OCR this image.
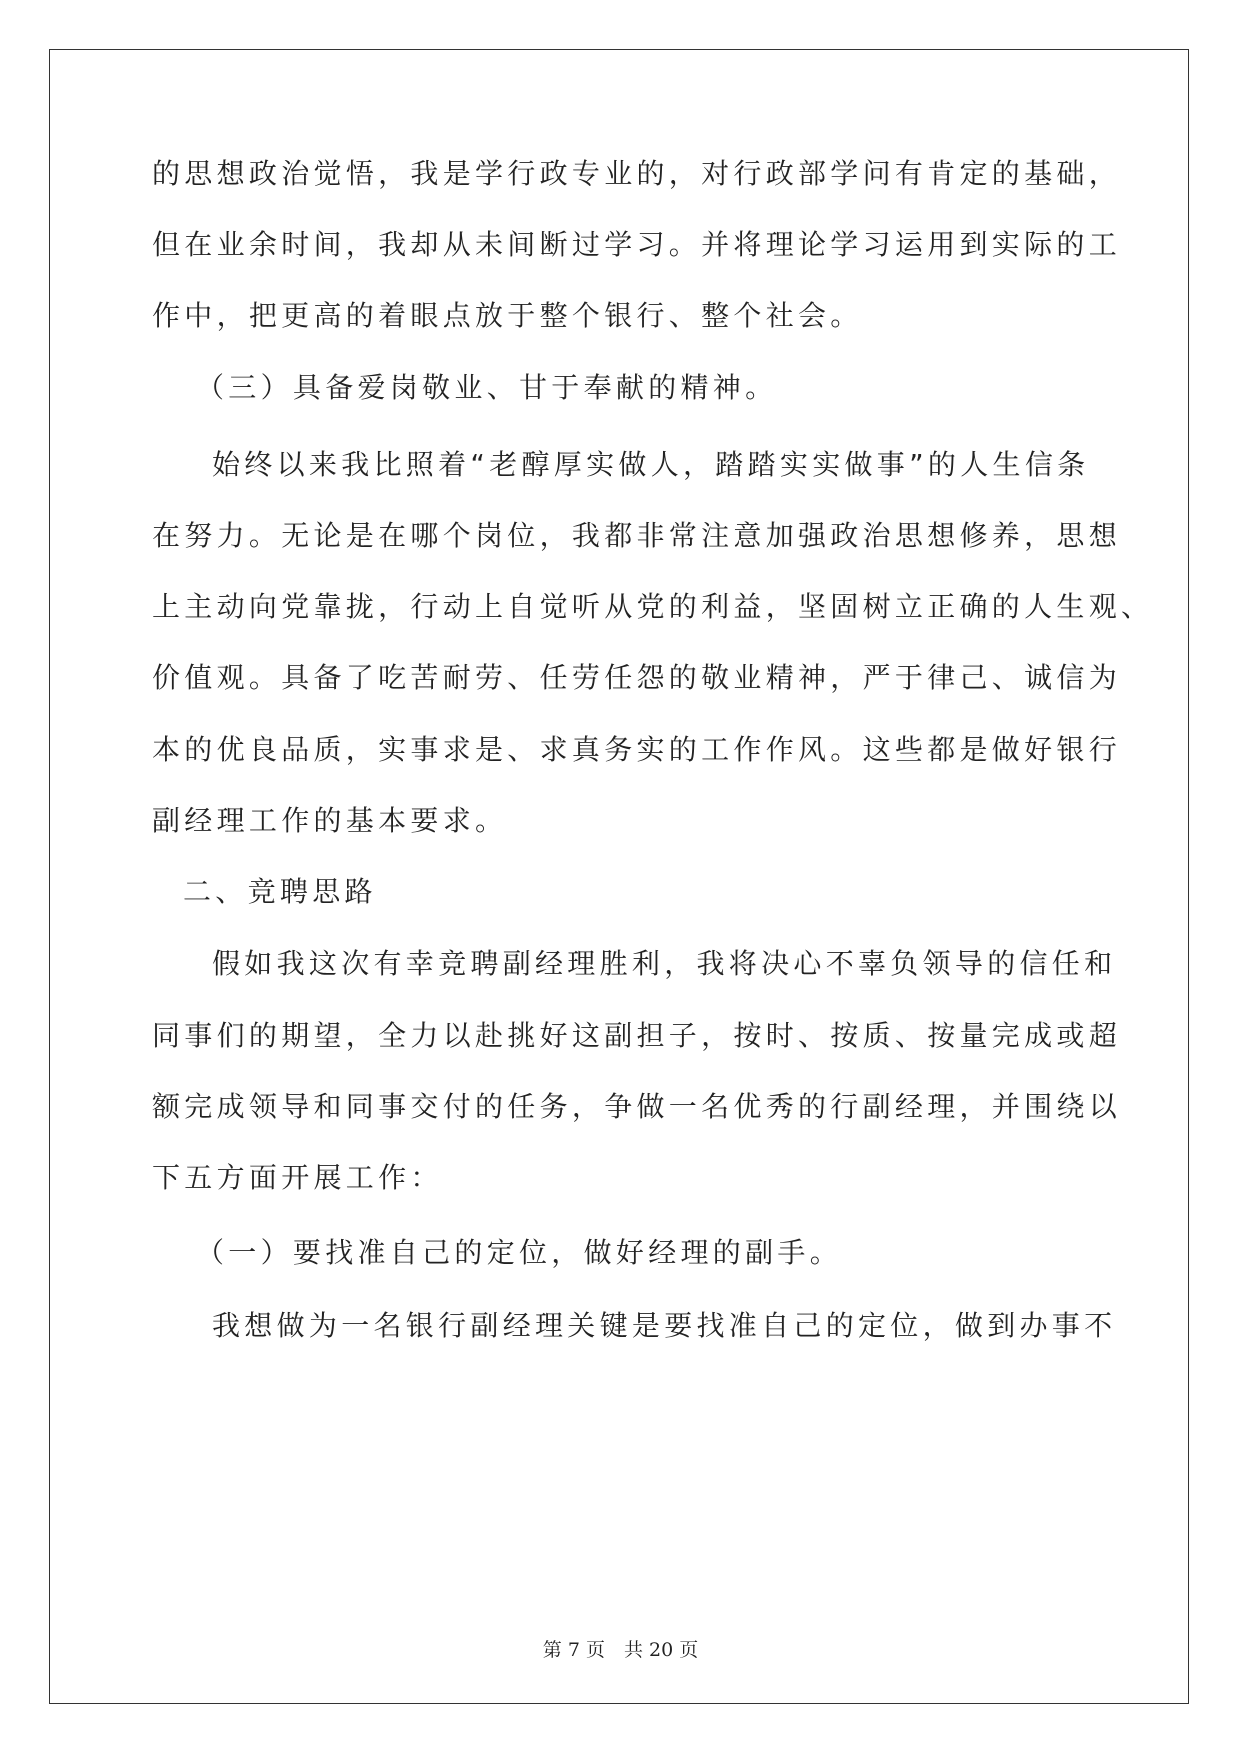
的思想政治觉悟，我是学行政专业的，对行政部学问有肯定的基础，
但在业余时间，我却从未间断过学习。并将理论学习运用到实际的工
作中，把更高的着眼点放于整个银行、整个社会。
（三）具备爱岗敬业、甘于奉献的精神。
始终以来我比照着“老醇厚实做人，踏踏实实做事”的人生信条
在努力。无论是在哪个岗位，我都非常注意加强政治思想修养，思想
上主动向党靠拢，行动上自觉听从党的利益，坚固树立正确的人生观、
价值观。具备了吃苦耐劳、任劳任怨的敬业精神，严于律己、诚信为
本的优良品质，实事求是、求真务实的工作作风。这些都是做好银行
副经理工作的基本要求。
二、竞聘思路
假如我这次有幸竞聘副经理胜利，我将决心不辜负领导的信任和
同事们的期望，全力以赴挑好这副担子，按时、按质、按量完成或超
额完成领导和同事交付的任务，争做一名优秀的行副经理，并围绕以
下五方面开展工作：
（一）要找准自己的定位，做好经理的副手。
我想做为一名银行副经理关键是要找准自己的定位，做到办事不
第 7 页　共 20 页
